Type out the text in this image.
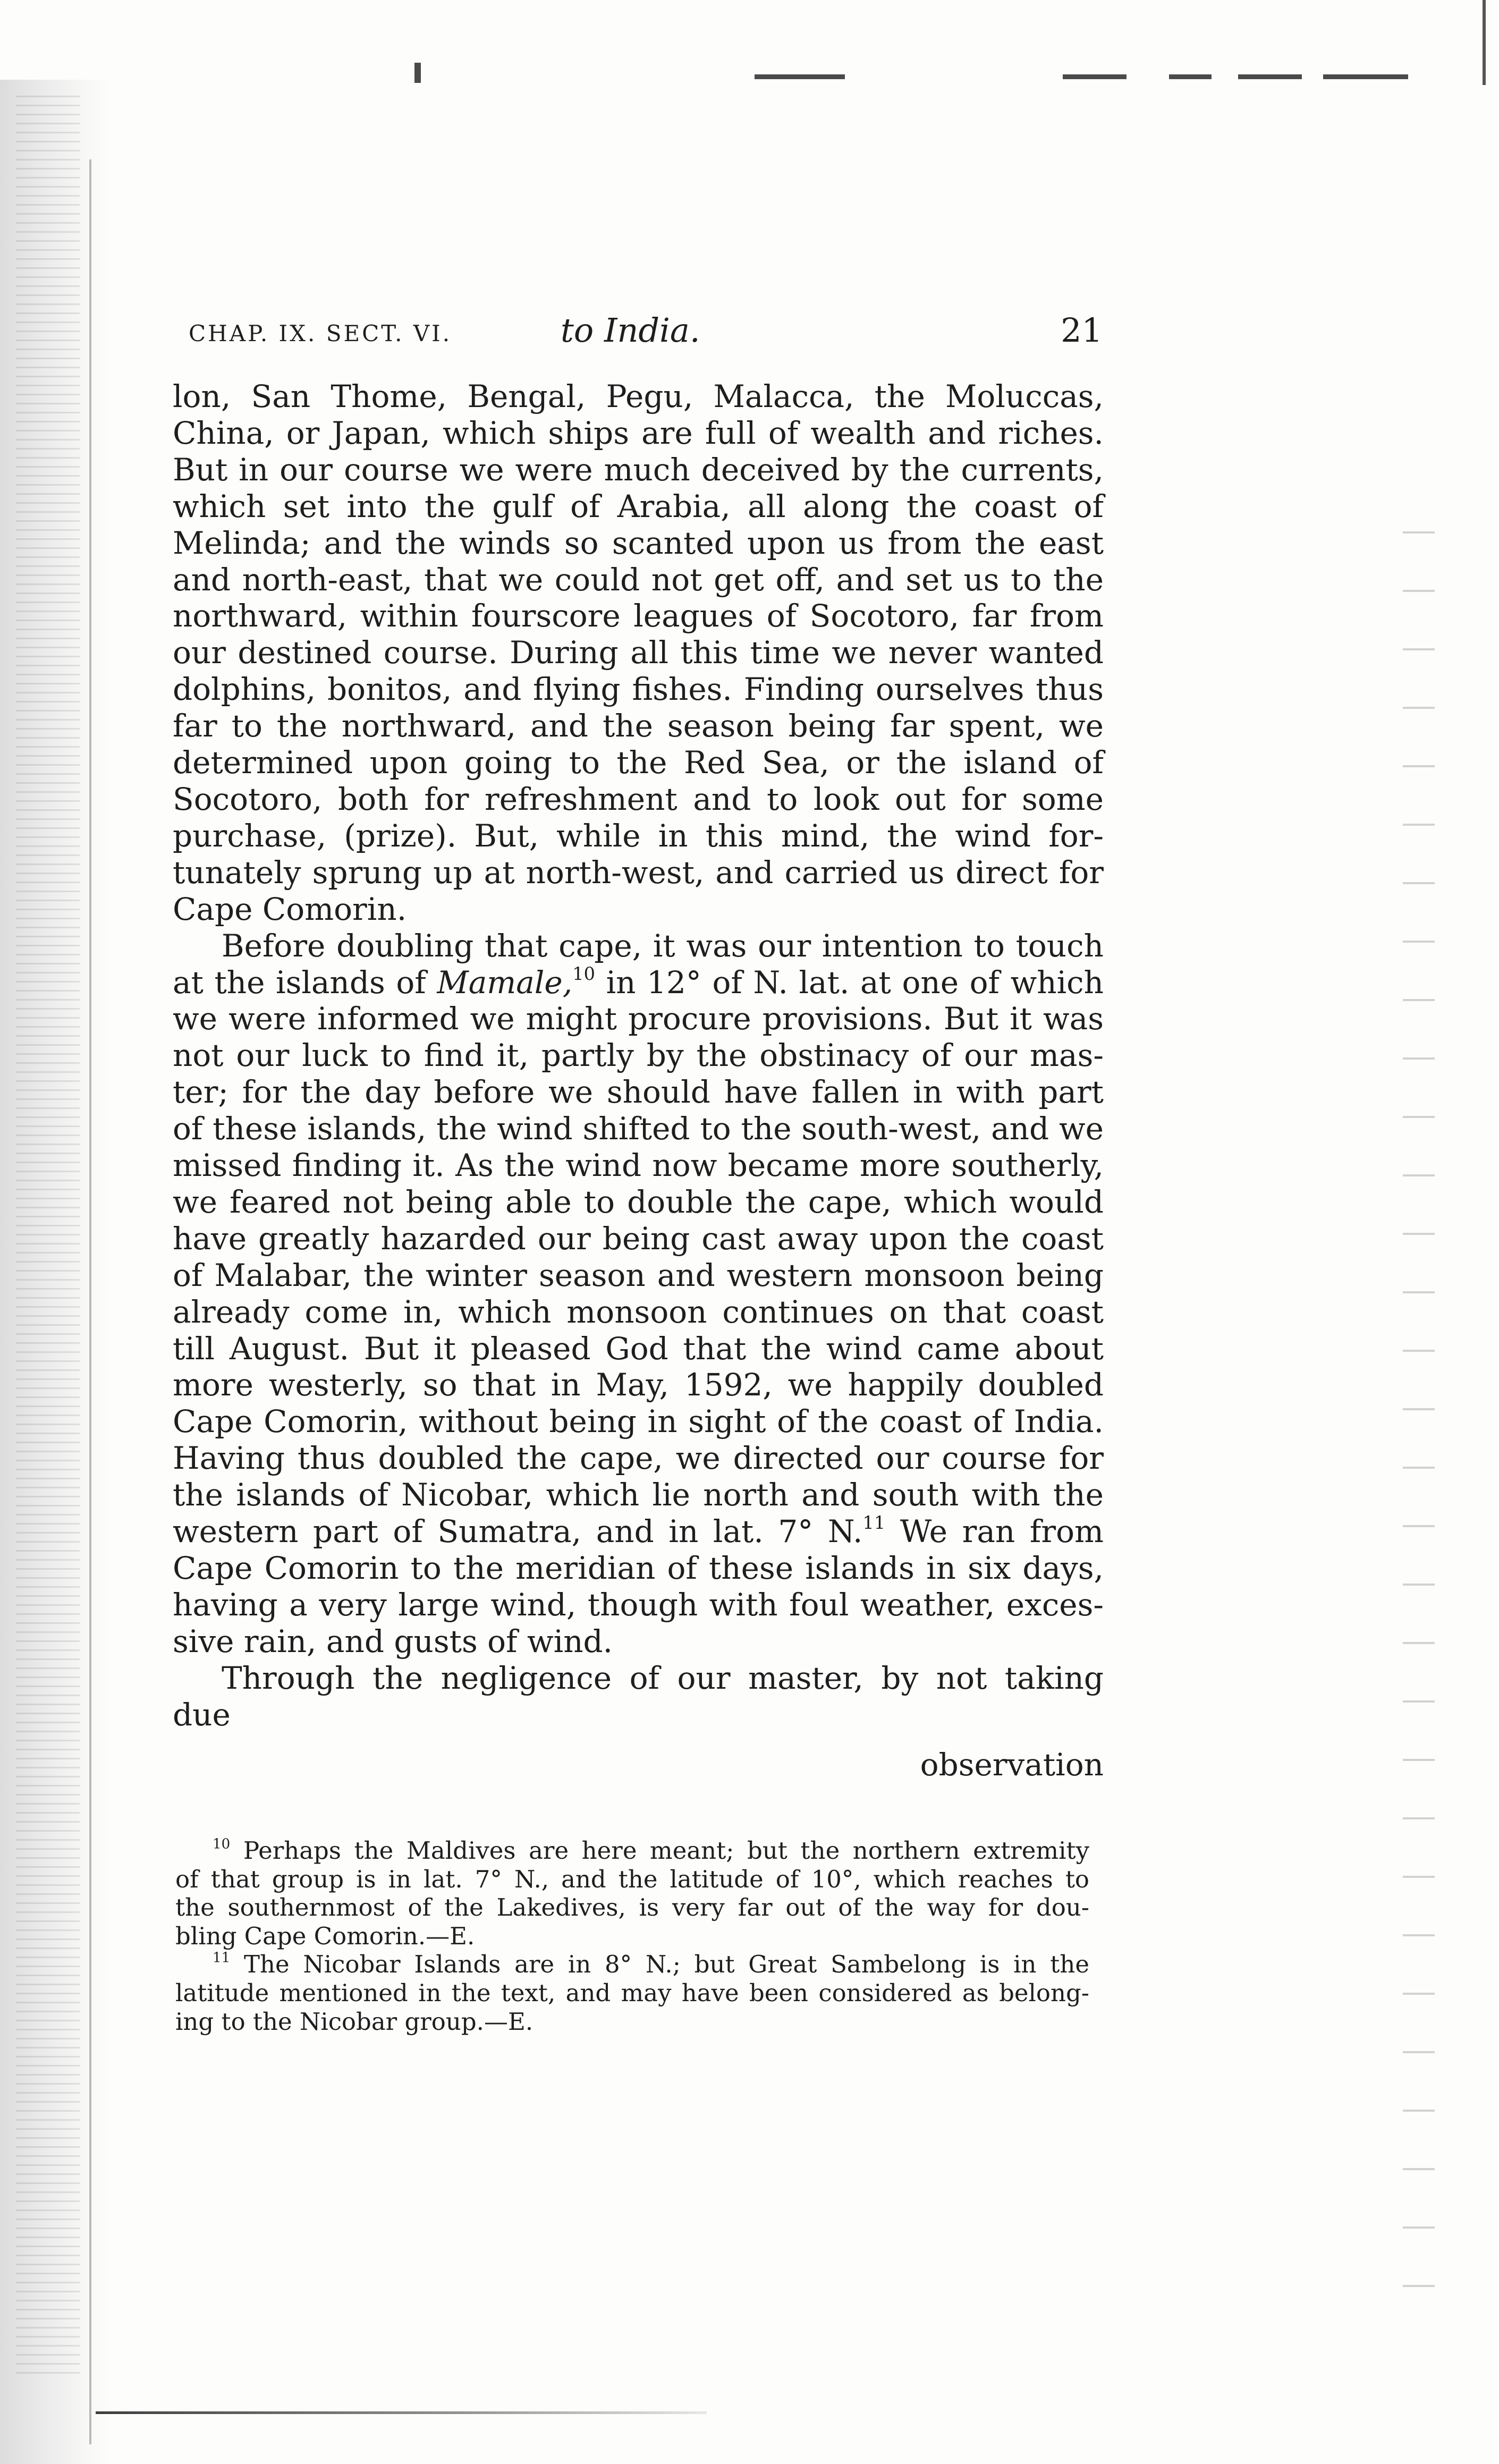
CHAP. IX. SECT. VI.	to India.	21

lon, San Thome, Bengal, Pegu, Malacca, the Moluccas,

China, or Japan, which ships are full of wealth and riches.

But in our course we were much deceived by the currents,

which set into the gulf of Arabia, all along the coast of

Melinda; and the winds so scanted upon us from the east

and north-east, that we could not get off, and set us to the

northward, within fourscore leagues of Socotoro, far from

our destined course. During all this time we never wanted

dolphins, bonitos, and flying fishes. Finding ourselves thus

far to the northward, and the season being far spent, we

determined upon going to the Red Sea, or the island of

Socotoro, both for refreshment and to look out for some

purchase, (prize). But, while in this mind, the wind for-

tunately sprung up at north-west, and carried us direct for

Cape Comorin.

Before doubling that cape, it was our intention to touch

at the islands of Mamale,$^{10}$ in 12° of N. lat. at one of which

we were informed we might procure provisions. But it was

not our luck to find it, partly by the obstinacy of our mas-

ter; for the day before we should have fallen in with part

of these islands, the wind shifted to the south-west, and we

missed finding it. As the wind now became more southerly,

we feared not being able to double the cape, which would

have greatly hazarded our being cast away upon the coast

of Malabar, the winter season and western monsoon being

already come in, which monsoon continues on that coast

till August. But it pleased God that the wind came about

more westerly, so that in May, 1592, we happily doubled

Cape Comorin, without being in sight of the coast of India.

Having thus doubled the cape, we directed our course for

the islands of Nicobar, which lie north and south with the

western part of Sumatra, and in lat. 7° N.$^{11}$ We ran from

Cape Comorin to the meridian of these islands in six days,

having a very large wind, though with foul weather, exces-

sive rain, and gusts of wind.

Through the negligence of our master, by not taking due

observation

$^{10}$ Perhaps the Maldives are here meant; but the northern extremity

of that group is in lat. 7° N., and the latitude of 10°, which reaches to

the southernmost of the Lakedives, is very far out of the way for dou-

bling Cape Comorin.—E.

$^{11}$ The Nicobar Islands are in 8° N.; but Great Sambelong is in the

latitude mentioned in the text, and may have been considered as belong-

ing to the Nicobar group.—E.
